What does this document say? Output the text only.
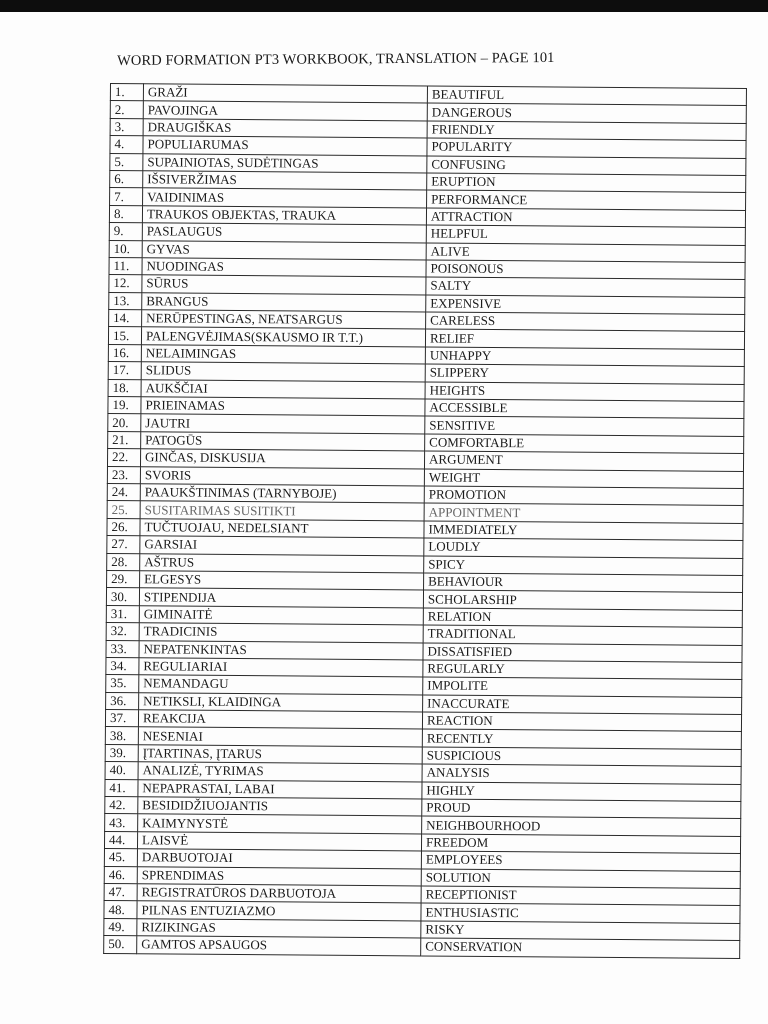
WORD FORMATION PT3 WORKBOOK, TRANSLATION – PAGE 101
1.	GRAŽI	BEAUTIFUL
2.	PAVOJINGA	DANGEROUS
3.	DRAUGIŠKAS	FRIENDLY
4.	POPULIARUMAS	POPULARITY
5.	SUPAINIOTAS, SUDĖTINGAS	CONFUSING
6.	IŠSIVERŽIMAS	ERUPTION
7.	VAIDINIMAS	PERFORMANCE
8.	TRAUKOS OBJEKTAS, TRAUKA	ATTRACTION
9.	PASLAUGUS	HELPFUL
10.	GYVAS	ALIVE
11.	NUODINGAS	POISONOUS
12.	SŪRUS	SALTY
13.	BRANGUS	EXPENSIVE
14.	NERŪPESTINGAS, NEATSARGUS	CARELESS
15.	PALENGVĖJIMAS(SKAUSMO IR T.T.)	RELIEF
16.	NELAIMINGAS	UNHAPPY
17.	SLIDUS	SLIPPERY
18.	AUKŠČIAI	HEIGHTS
19.	PRIEINAMAS	ACCESSIBLE
20.	JAUTRI	SENSITIVE
21.	PATOGŪS	COMFORTABLE
22.	GINČAS, DISKUSIJA	ARGUMENT
23.	SVORIS	WEIGHT
24.	PAAUKŠTINIMAS (TARNYBOJE)	PROMOTION
25.	SUSITARIMAS SUSITIKTI	APPOINTMENT
26.	TUČTUOJAU, NEDELSIANT	IMMEDIATELY
27.	GARSIAI	LOUDLY
28.	AŠTRUS	SPICY
29.	ELGESYS	BEHAVIOUR
30.	STIPENDIJA	SCHOLARSHIP
31.	GIMINAITĖ	RELATION
32.	TRADICINIS	TRADITIONAL
33.	NEPATENKINTAS	DISSATISFIED
34.	REGULIARIAI	REGULARLY
35.	NEMANDAGU	IMPOLITE
36.	NETIKSLI, KLAIDINGA	INACCURATE
37.	REAKCIJA	REACTION
38.	NESENIAI	RECENTLY
39.	ĮTARTINAS, ĮTARUS	SUSPICIOUS
40.	ANALIZĖ, TYRIMAS	ANALYSIS
41.	NEPAPRASTAI, LABAI	HIGHLY
42.	BESIDIDŽIUOJANTIS	PROUD
43.	KAIMYNYSTĖ	NEIGHBOURHOOD
44.	LAISVĖ	FREEDOM
45.	DARBUOTOJAI	EMPLOYEES
46.	SPRENDIMAS	SOLUTION
47.	REGISTRATŪROS DARBUOTOJA	RECEPTIONIST
48.	PILNAS ENTUZIAZMO	ENTHUSIASTIC
49.	RIZIKINGAS	RISKY
50.	GAMTOS APSAUGOS	CONSERVATION
